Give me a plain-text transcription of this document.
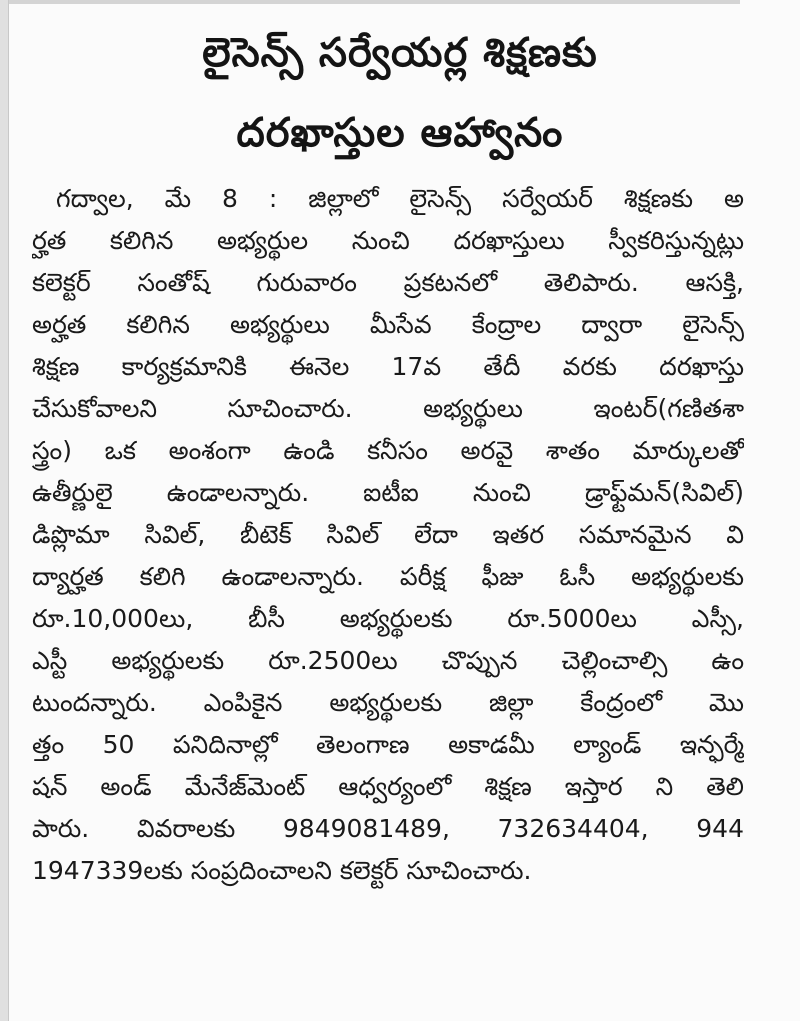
లైసెన్స్ సర్వేయర్ల శిక్షణకు
దరఖాస్తుల ఆహ్వానం
గద్వాల, మే 8 : జిల్లాలో లైసెన్స్ సర్వేయర్ శిక్షణకు అ
ర్హత కలిగిన అభ్యర్థుల నుంచి దరఖాస్తులు స్వీకరిస్తున్నట్లు
కలెక్టర్ సంతోష్ గురువారం ప్రకటనలో తెలిపారు. ఆసక్తి,
అర్హత కలిగిన అభ్యర్థులు మీసేవ కేంద్రాల ద్వారా లైసెన్స్
శిక్షణ కార్యక్రమానికి ఈనెల 17వ తేదీ వరకు దరఖాస్తు
చేసుకోవాలని సూచించారు. అభ్యర్థులు ఇంటర్(గణితశా
స్త్రం) ఒక అంశంగా ఉండి కనీసం అరవై శాతం మార్కులతో
ఉతీర్ణులై ఉండాలన్నారు. ఐటీఐ నుంచి డ్రాఫ్ట్‌మన్(సివిల్)
డిప్లొమా సివిల్, బీటెక్ సివిల్ లేదా ఇతర సమానమైన వి
ద్యార్హత కలిగి ఉండాలన్నారు. పరీక్ష ఫీజు ఓసీ అభ్యర్థులకు
రూ.10,000లు, బీసీ అభ్యర్థులకు రూ.5000లు ఎస్సీ,
ఎస్టీ అభ్యర్థులకు రూ.2500లు చొప్పున చెల్లించాల్సి ఉం
టుందన్నారు. ఎంపికైన అభ్యర్థులకు జిల్లా కేంద్రంలో మొ
త్తం 50 పనిదినాల్లో తెలంగాణ అకాడమీ ల్యాండ్ ఇన్ఫర్మే
షన్ అండ్ మేనేజ్‌మెంట్ ఆధ్వర్యంలో శిక్షణ ఇస్తార ని తెలి
పారు. వివరాలకు 9849081489, 732634404, 944
1947339లకు సంప్రదించాలని కలెక్టర్ సూచించారు.
